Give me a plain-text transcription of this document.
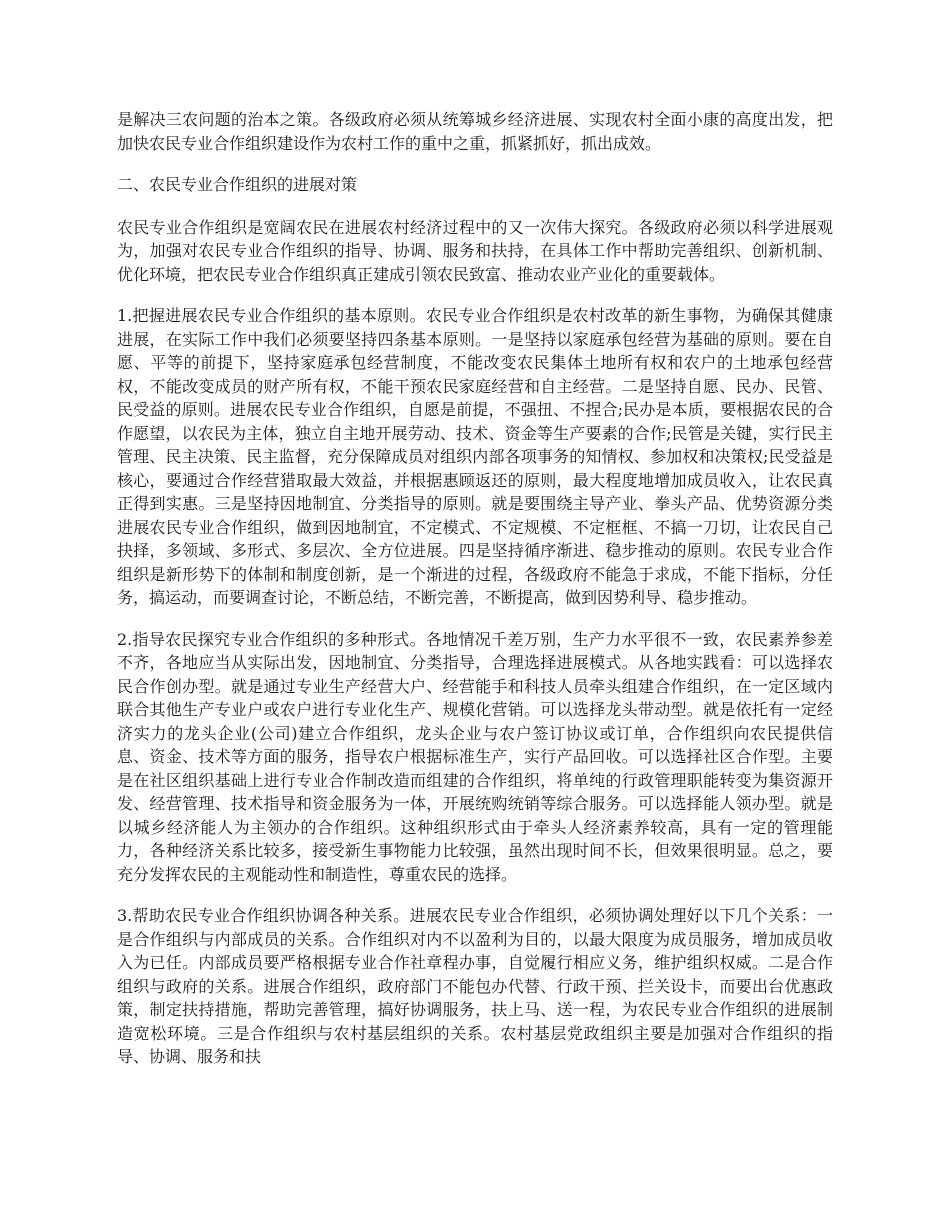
是解决三农问题的治本之策。各级政府必须从统筹城乡经济进展、实现农村全面小康的高度出发，把加快农民专业合作组织建设作为农村工作的重中之重，抓紧抓好，抓出成效。

二、农民专业合作组织的进展对策

农民专业合作组织是宽阔农民在进展农村经济过程中的又一次伟大探究。各级政府必须以科学进展观为，加强对农民专业合作组织的指导、协调、服务和扶持，在具体工作中帮助完善组织、创新机制、优化环境，把农民专业合作组织真正建成引领农民致富、推动农业产业化的重要载体。

1.把握进展农民专业合作组织的基本原则。农民专业合作组织是农村改革的新生事物，为确保其健康进展，在实际工作中我们必须要坚持四条基本原则。一是坚持以家庭承包经营为基础的原则。要在自愿、平等的前提下，坚持家庭承包经营制度，不能改变农民集体土地所有权和农户的土地承包经营权，不能改变成员的财产所有权，不能干预农民家庭经营和自主经营。二是坚持自愿、民办、民管、民受益的原则。进展农民专业合作组织，自愿是前提，不强扭、不捏合;民办是本质，要根据农民的合作愿望，以农民为主体，独立自主地开展劳动、技术、资金等生产要素的合作;民管是关键，实行民主管理、民主决策、民主监督，充分保障成员对组织内部各项事务的知情权、参加权和决策权;民受益是核心，要通过合作经营猎取最大效益，并根据惠顾返还的原则，最大程度地增加成员收入，让农民真正得到实惠。三是坚持因地制宜、分类指导的原则。就是要围绕主导产业、拳头产品、优势资源分类进展农民专业合作组织，做到因地制宜，不定模式、不定规模、不定框框、不搞一刀切，让农民自己抉择，多领域、多形式、多层次、全方位进展。四是坚持循序渐进、稳步推动的原则。农民专业合作组织是新形势下的体制和制度创新，是一个渐进的过程，各级政府不能急于求成，不能下指标，分任务，搞运动，而要调查讨论，不断总结，不断完善，不断提高，做到因势利导、稳步推动。

2.指导农民探究专业合作组织的多种形式。各地情况千差万别，生产力水平很不一致，农民素养参差不齐，各地应当从实际出发，因地制宜、分类指导，合理选择进展模式。从各地实践看：可以选择农民合作创办型。就是通过专业生产经营大户、经营能手和科技人员牵头组建合作组织，在一定区域内联合其他生产专业户或农户进行专业化生产、规模化营销。可以选择龙头带动型。就是依托有一定经济实力的龙头企业(公司)建立合作组织，龙头企业与农户签订协议或订单，合作组织向农民提供信息、资金、技术等方面的服务，指导农户根据标准生产，实行产品回收。可以选择社区合作型。主要是在社区组织基础上进行专业合作制改造而组建的合作组织，将单纯的行政管理职能转变为集资源开发、经营管理、技术指导和资金服务为一体，开展统购统销等综合服务。可以选择能人领办型。就是以城乡经济能人为主领办的合作组织。这种组织形式由于牵头人经济素养较高，具有一定的管理能力，各种经济关系比较多，接受新生事物能力比较强，虽然出现时间不长，但效果很明显。总之，要充分发挥农民的主观能动性和制造性，尊重农民的选择。

3.帮助农民专业合作组织协调各种关系。进展农民专业合作组织，必须协调处理好以下几个关系：一是合作组织与内部成员的关系。合作组织对内不以盈利为目的，以最大限度为成员服务，增加成员收入为已任。内部成员要严格根据专业合作社章程办事，自觉履行相应义务，维护组织权威。二是合作组织与政府的关系。进展合作组织，政府部门不能包办代替、行政干预、拦关设卡，而要出台优惠政策，制定扶持措施，帮助完善管理，搞好协调服务，扶上马、送一程，为农民专业合作组织的进展制造宽松环境。三是合作组织与农村基层组织的关系。农村基层党政组织主要是加强对合作组织的指导、协调、服务和扶
